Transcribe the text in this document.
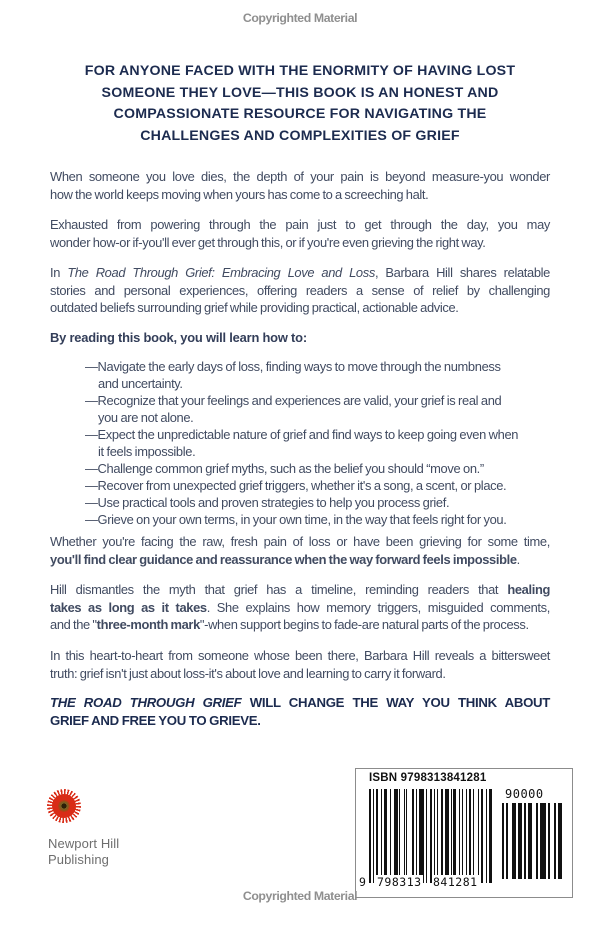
Copyrighted Material
FOR ANYONE FACED WITH THE ENORMITY OF HAVING LOST
SOMEONE THEY LOVE—THIS BOOK IS AN HONEST AND
COMPASSIONATE RESOURCE FOR NAVIGATING THE
CHALLENGES AND COMPLEXITIES OF GRIEF
When someone you love dies, the depth of your pain is beyond measure-you wonder
how the world keeps moving when yours has come to a screeching halt.
Exhausted from powering through the pain just to get through the day, you may
wonder how-or if-you'll ever get through this, or if you're even grieving the right way.
In The Road Through Grief: Embracing Love and Loss, Barbara Hill shares relatable
stories and personal experiences, offering readers a sense of relief by challenging
outdated beliefs surrounding grief while providing practical, actionable advice.
By reading this book, you will learn how to:
—Navigate the early days of loss, finding ways to move through the numbness
and uncertainty.
—Recognize that your feelings and experiences are valid, your grief is real and
you are not alone.
—Expect the unpredictable nature of grief and find ways to keep going even when
it feels impossible.
—Challenge common grief myths, such as the belief you should “move on.”
—Recover from unexpected grief triggers, whether it's a song, a scent, or place.
—Use practical tools and proven strategies to help you process grief.
—Grieve on your own terms, in your own time, in the way that feels right for you.
Whether you're facing the raw, fresh pain of loss or have been grieving for some time,
you'll find clear guidance and reassurance when the way forward feels impossible.
Hill dismantles the myth that grief has a timeline, reminding readers that healing
takes as long as it takes. She explains how memory triggers, misguided comments,
and the "three-month mark"-when support begins to fade-are natural parts of the process.
In this heart-to-heart from someone whose been there, Barbara Hill reveals a bittersweet
truth: grief isn't just about loss-it's about love and learning to carry it forward.
THE ROAD THROUGH GRIEF WILL CHANGE THE WAY YOU THINK ABOUT
GRIEF AND FREE YOU TO GRIEVE.
Newport Hill
Publishing
ISBN 9798313841281
9 798313 841281
90000
Copyrighted Material
